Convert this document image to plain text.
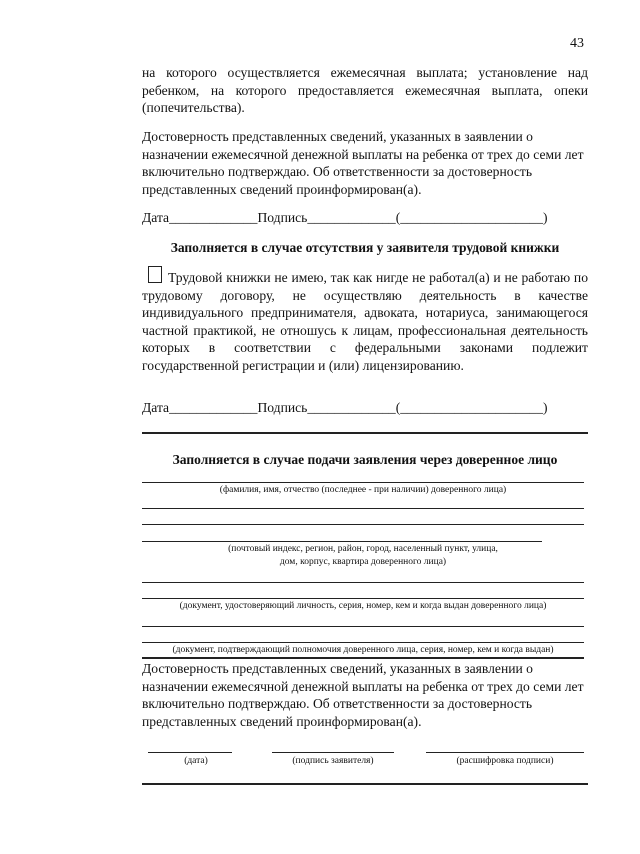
43
на которого осуществляется ежемесячная выплата; установление над ребенком, на которого предоставляется ежемесячная выплата, опеки (попечительства).
Достоверность представленных сведений, указанных в заявлении о назначении ежемесячной денежной выплаты на ребенка от трех до семи лет включительно подтверждаю. Об ответственности за достоверность представленных сведений проинформирован(а).
Дата_____________Подпись_____________(_____________________)
Заполняется в случае отсутствия у заявителя трудовой книжки
Трудовой книжки не имею, так как нигде не работал(а) и не работаю по трудовому договору, не осуществляю деятельность в качестве индивидуального предпринимателя, адвоката, нотариуса, занимающегося частной практикой, не отношусь к лицам, профессиональная деятельность которых в соответствии с федеральными законами подлежит государственной регистрации и (или) лицензированию.
Дата_____________Подпись_____________(_____________________)
Заполняется в случае подачи заявления через доверенное лицо
(фамилия, имя, отчество (последнее - при наличии) доверенного лица)
(почтовый индекс, регион, район, город, населенный пункт, улица,
дом, корпус, квартира доверенного лица)
(документ, удостоверяющий личность, серия, номер, кем и когда выдан доверенного лица)
(документ, подтверждающий полномочия доверенного лица, серия, номер, кем и когда выдан)
Достоверность представленных сведений, указанных в заявлении о назначении ежемесячной денежной выплаты на ребенка от трех до семи лет включительно подтверждаю. Об ответственности за достоверность представленных сведений проинформирован(а).
(дата)	(подпись заявителя)	(расшифровка подписи)
